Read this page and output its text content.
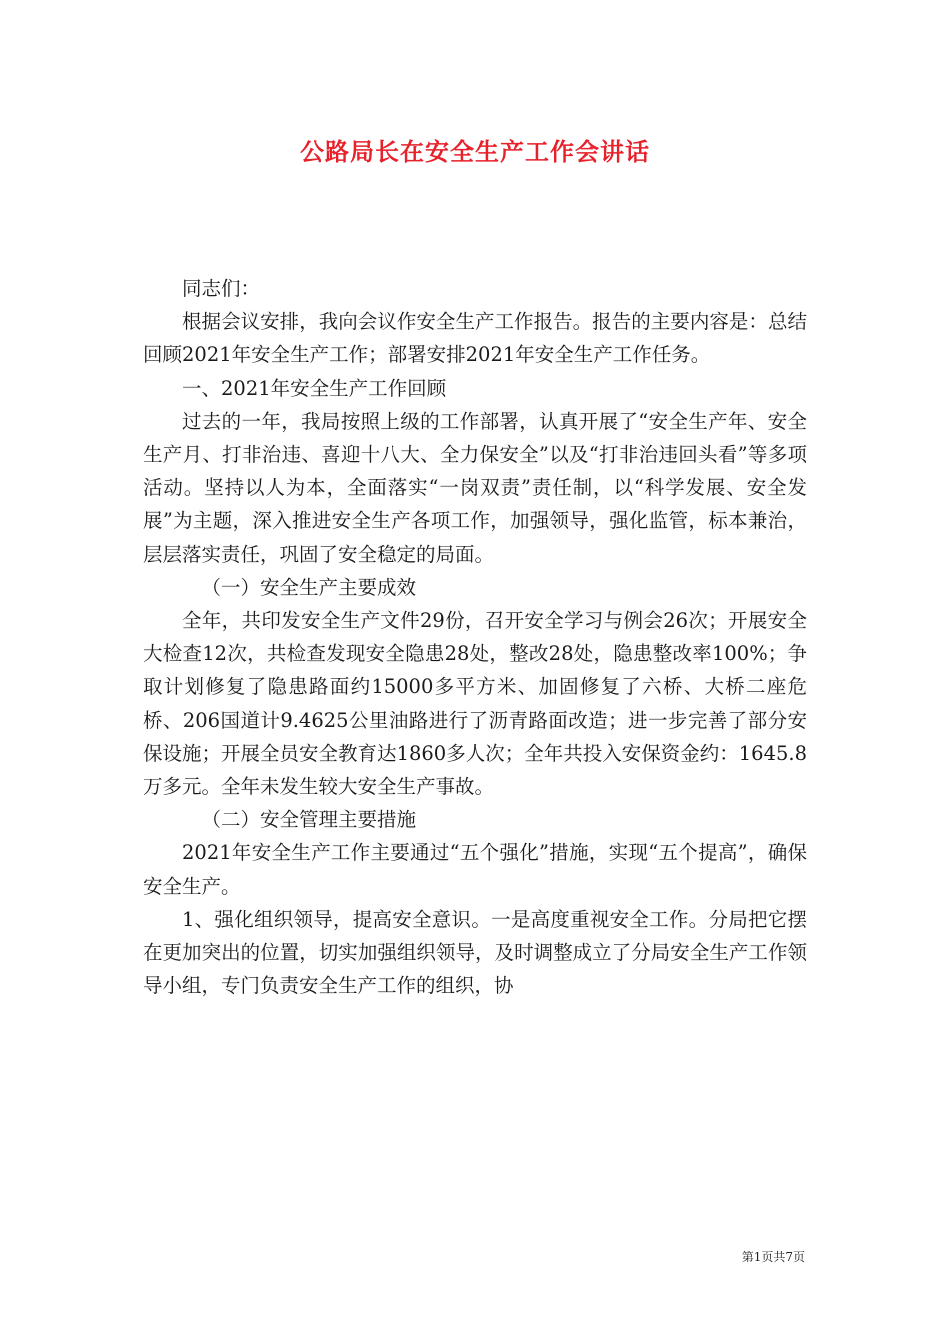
公路局长在安全生产工作会讲话

同志们：

根据会议安排，我向会议作安全生产工作报告。报告的主要内容是：总结回顾2021年安全生产工作；部署安排2021年安全生产工作任务。

一、2021年安全生产工作回顾

过去的一年，我局按照上级的工作部署，认真开展了“安全生产年、安全生产月、打非治违、喜迎十八大、全力保安全”以及“打非治违回头看”等多项活动。坚持以人为本，全面落实“一岗双责”责任制，以“科学发展、安全发展”为主题，深入推进安全生产各项工作，加强领导，强化监管，标本兼治，层层落实责任，巩固了安全稳定的局面。

（一）安全生产主要成效

全年，共印发安全生产文件29份，召开安全学习与例会26次；开展安全大检查12次，共检查发现安全隐患28处，整改28处，隐患整改率100%；争取计划修复了隐患路面约15000多平方米、加固修复了六桥、大桥二座危桥、206国道计9.4625公里油路进行了沥青路面改造；进一步完善了部分安保设施；开展全员安全教育达1860多人次；全年共投入安保资金约：1645.8万多元。全年未发生较大安全生产事故。

（二）安全管理主要措施

2021年安全生产工作主要通过“五个强化”措施，实现“五个提高”，确保安全生产。

1、强化组织领导，提高安全意识。一是高度重视安全工作。分局把它摆在更加突出的位置，切实加强组织领导，及时调整成立了分局安全生产工作领导小组，专门负责安全生产工作的组织，协

第1页共7页
